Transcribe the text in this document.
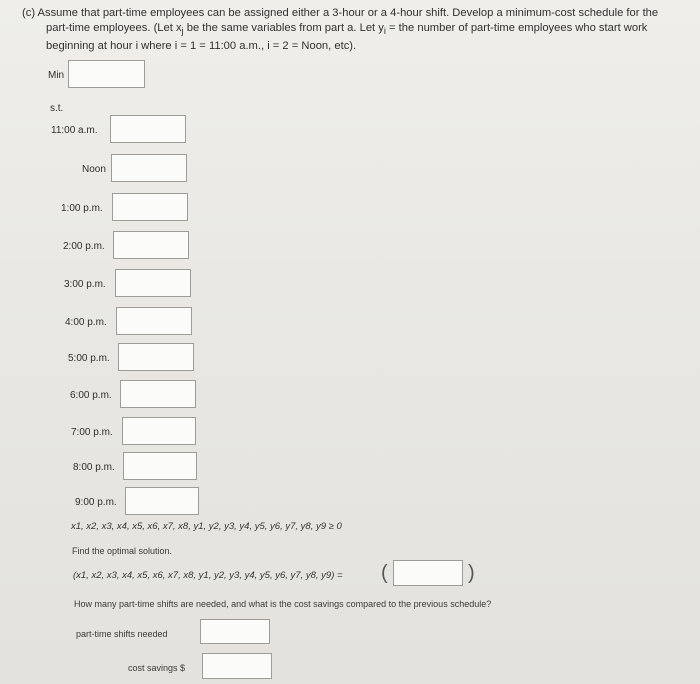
(c) Assume that part-time employees can be assigned either a 3-hour or a 4-hour shift. Develop a minimum-cost schedule for the
part-time employees. (Let $x_j$ be the same variables from part a. Let $y_i$ = the number of part-time employees who start work
beginning at hour i where i = 1 = 11:00 a.m., i = 2 = Noon, etc).
Min
s.t.
11:00 a.m.
Noon
1:00 p.m.
2:00 p.m.
3:00 p.m.
4:00 p.m.
5:00 p.m.
6:00 p.m.
7:00 p.m.
8:00 p.m.
9:00 p.m.
x1, x2, x3, x4, x5, x6, x7, x8, y1, y2, y3, y4, y5, y6, y7, y8, y9 ≥ 0
Find the optimal solution.
(x1, x2, x3, x4, x5, x6, x7, x8, y1, y2, y3, y4, y5, y6, y7, y8, y9) = (	)
How many part-time shifts are needed, and what is the cost savings compared to the previous schedule?
part-time shifts needed
cost savings $
